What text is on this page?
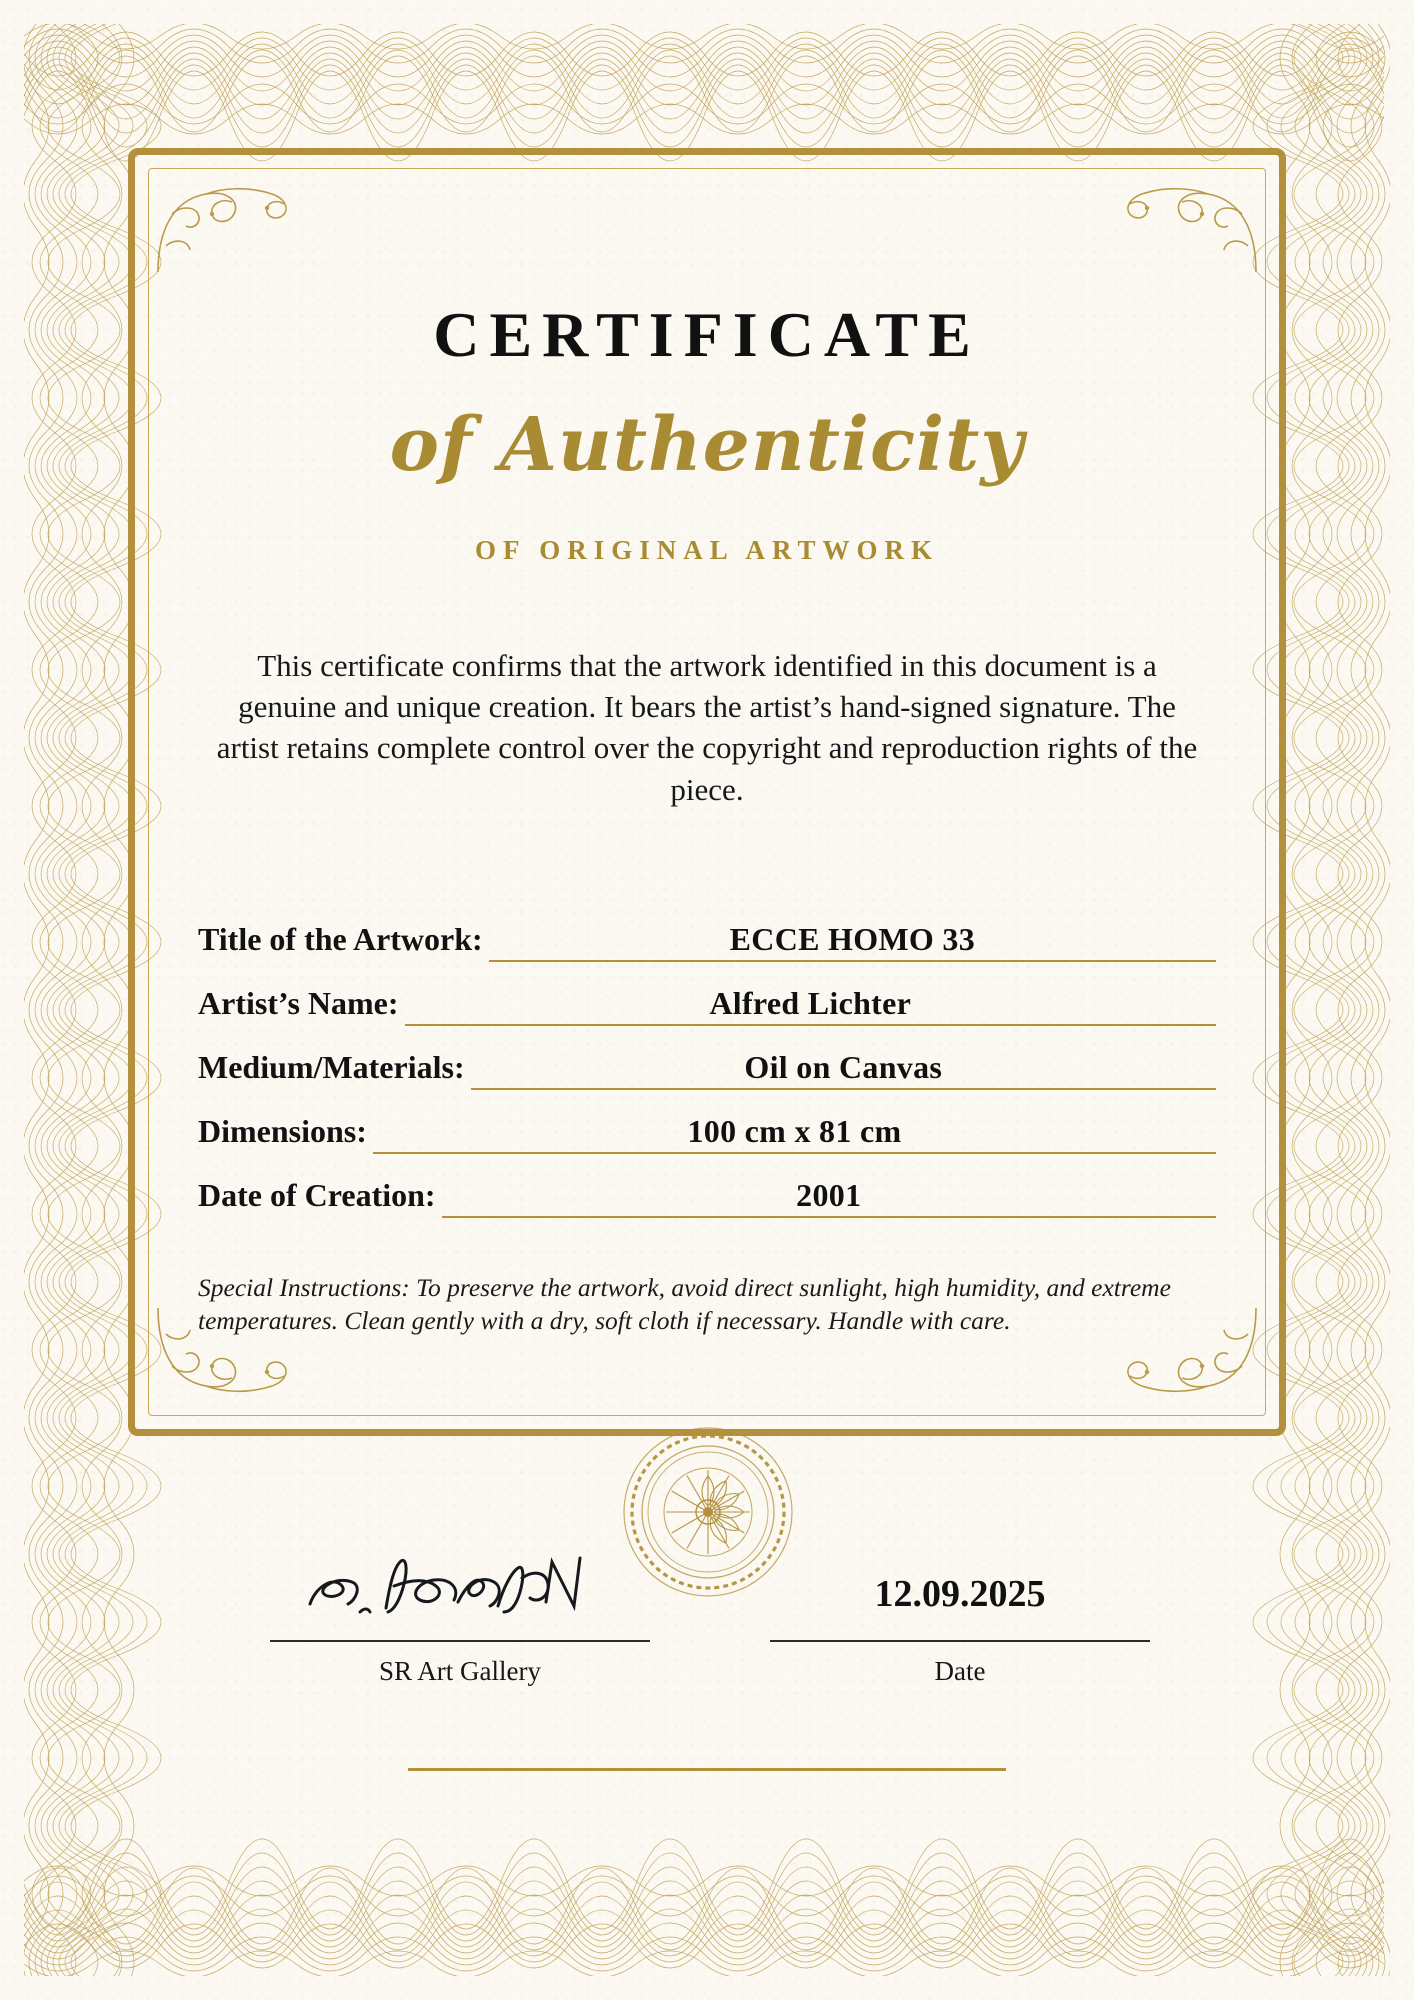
CERTIFICATE
of Authenticity
OF ORIGINAL ARTWORK
This certificate confirms that the artwork identified in this document is a genuine and unique creation. It bears the artist’s hand-signed signature. The artist retains complete control over the copyright and reproduction rights of the piece.
Title of the Artwork:	ECCE HOMO 33
Artist’s Name:	Alfred Lichter
Medium/Materials:	Oil on Canvas
Dimensions:	100 cm x 81 cm
Date of Creation:	2001
Special Instructions: To preserve the artwork, avoid direct sunlight, high humidity, and extreme temperatures. Clean gently with a dry, soft cloth if necessary. Handle with care.
SR Art Gallery
12.09.2025
Date
